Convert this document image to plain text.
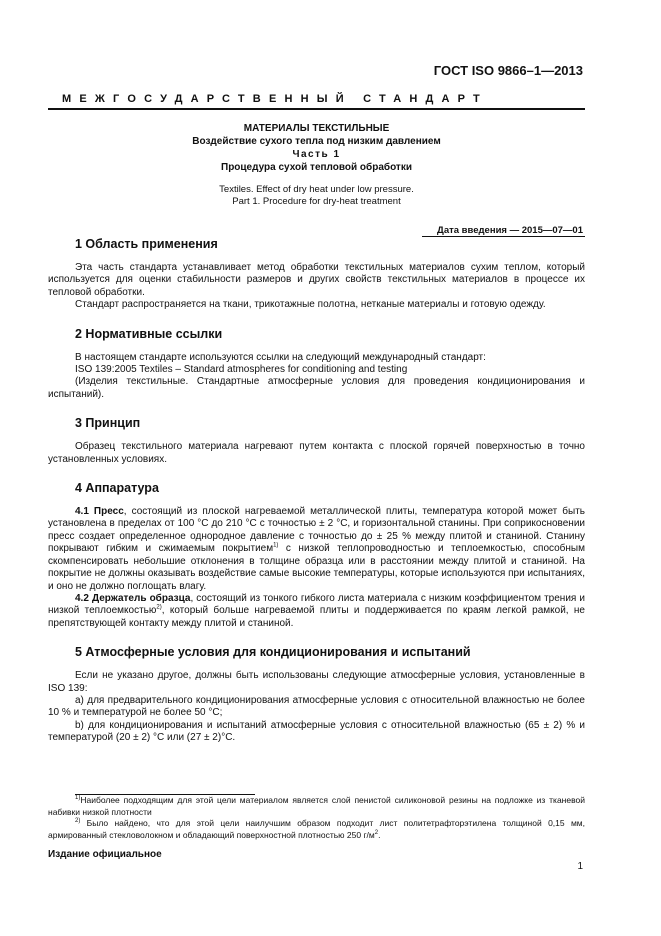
ГОСТ ISO 9866–1—2013
МЕЖГОСУДАРСТВЕННЫЙ СТАНДАРТ
МАТЕРИАЛЫ ТЕКСТИЛЬНЫЕ
Воздействие сухого тепла под низким давлением
Часть 1
Процедура сухой тепловой обработки
Textiles. Effect of dry heat under low pressure.
Part 1. Procedure for dry-heat treatment
Дата введения — 2015—07—01
1 Область применения

Эта часть стандарта устанавливает метод обработки текстильных материалов сухим теплом, который используется для оценки стабильности размеров и других свойств текстильных материалов в процессе их тепловой обработки.

Стандарт распространяется на ткани, трикотажные полотна, нетканые материалы и готовую одежду.

2 Нормативные ссылки

В настоящем стандарте используются ссылки на следующий международный стандарт:

ISO 139:2005 Textiles – Standard atmospheres for conditioning and testing

(Изделия текстильные. Стандартные атмосферные условия для проведения кондиционирования и испытаний).

3 Принцип

Образец текстильного материала нагревают путем контакта с плоской горячей поверхностью в точно установленных условиях.

4 Аппаратура

4.1 Пресс, состоящий из плоской нагреваемой металлической плиты, температура которой может быть установлена в пределах от 100 °С до 210 °С с точностью ± 2 °С, и горизонтальной станины. При соприкосновении пресс создает определенное однородное давление с точностью до ± 25 % между плитой и станиной. Станину покрывают гибким и сжимаемым покрытием$^{1)}$ с низкой теплопроводностью и теплоемкостью, способным скомпенсировать небольшие отклонения в толщине образца или в расстоянии между плитой и станиной. На покрытие не должны оказывать воздействие самые высокие температуры, которые используются при испытаниях, и оно не должно поглощать влагу.

4.2 Держатель образца, состоящий из тонкого гибкого листа материала с низким коэффициентом трения и низкой теплоемкостью$^{2)}$, который больше нагреваемой плиты и поддерживается по краям легкой рамкой, не препятствующей контакту между плитой и станиной.

5 Атмосферные условия для кондиционирования и испытаний

Если не указано другое, должны быть использованы следующие атмосферные условия, установленные в ISO 139:

а) для предварительного кондиционирования атмосферные условия с относительной влажностью не более 10 % и температурой не более 50 °С;

b) для кондиционирования и испытаний атмосферные условия с относительной влажностью (65 ± 2) % и температурой (20 ± 2) °С или (27 ± 2)°С.

$^{1)}$Наиболее подходящим для этой цели материалом является слой пенистой силиконовой резины на подложке из тканевой набивки низкой плотности

$^{2)}$ Было найдено, что для этой цели наилучшим образом подходит лист политетрафторэтилена толщиной 0,15 мм, армированный стекловолокном и обладающий поверхностной плотностью 250 $г/м^2$.

Издание официальное
1
